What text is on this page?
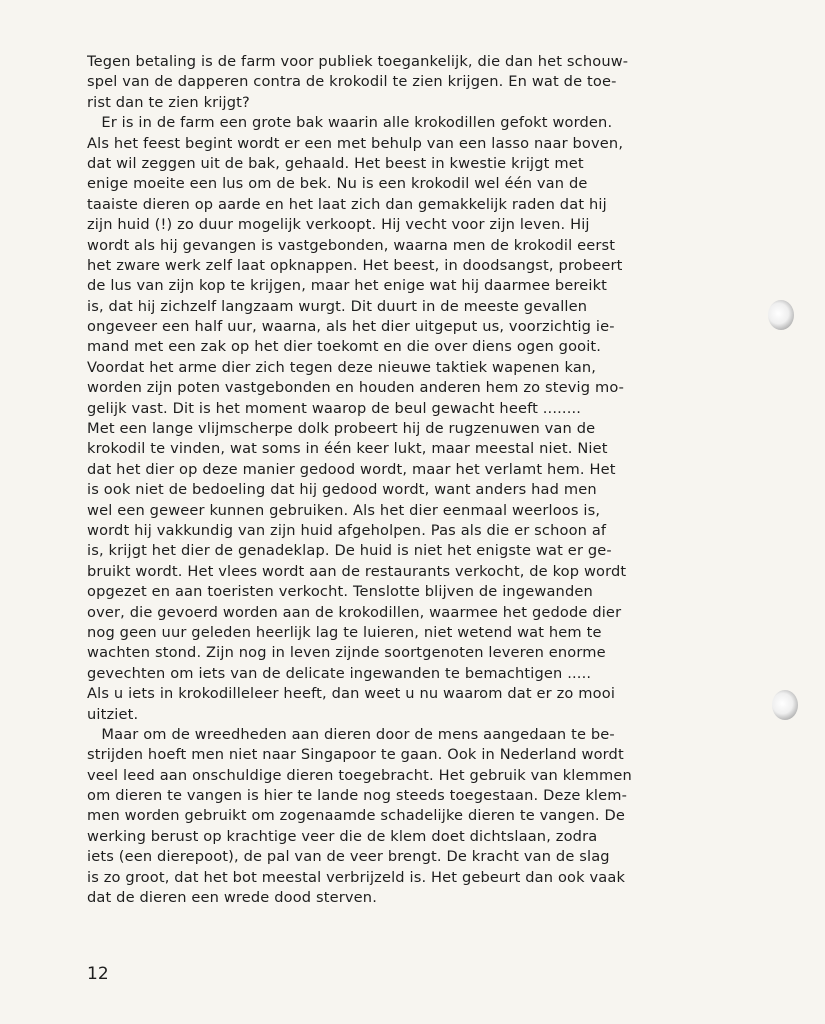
Tegen betaling is de farm voor publiek toegankelijk, die dan het schouw-
spel van de dapperen contra de krokodil te zien krijgen. En wat de toe-
rist dan te zien krijgt?
Er is in de farm een grote bak waarin alle krokodillen gefokt worden.
Als het feest begint wordt er een met behulp van een lasso naar boven,
dat wil zeggen uit de bak, gehaald. Het beest in kwestie krijgt met
enige moeite een lus om de bek. Nu is een krokodil wel één van de
taaiste dieren op aarde en het laat zich dan gemakkelijk raden dat hij
zijn huid (!) zo duur mogelijk verkoopt. Hij vecht voor zijn leven. Hij
wordt als hij gevangen is vastgebonden, waarna men de krokodil eerst
het zware werk zelf laat opknappen. Het beest, in doodsangst, probeert
de lus van zijn kop te krijgen, maar het enige wat hij daarmee bereikt
is, dat hij zichzelf langzaam wurgt. Dit duurt in de meeste gevallen
ongeveer een half uur, waarna, als het dier uitgeput us, voorzichtig ie-
mand met een zak op het dier toekomt en die over diens ogen gooit.
Voordat het arme dier zich tegen deze nieuwe taktiek wapenen kan,
worden zijn poten vastgebonden en houden anderen hem zo stevig mo-
gelijk vast. Dit is het moment waarop de beul gewacht heeft ........
Met een lange vlijmscherpe dolk probeert hij de rugzenuwen van de
krokodil te vinden, wat soms in één keer lukt, maar meestal niet. Niet
dat het dier op deze manier gedood wordt, maar het verlamt hem. Het
is ook niet de bedoeling dat hij gedood wordt, want anders had men
wel een geweer kunnen gebruiken. Als het dier eenmaal weerloos is,
wordt hij vakkundig van zijn huid afgeholpen. Pas als die er schoon af
is, krijgt het dier de genadeklap. De huid is niet het enigste wat er ge-
bruikt wordt. Het vlees wordt aan de restaurants verkocht, de kop wordt
opgezet en aan toeristen verkocht. Tenslotte blijven de ingewanden
over, die gevoerd worden aan de krokodillen, waarmee het gedode dier
nog geen uur geleden heerlijk lag te luieren, niet wetend wat hem te
wachten stond. Zijn nog in leven zijnde soortgenoten leveren enorme
gevechten om iets van de delicate ingewanden te bemachtigen .....
Als u iets in krokodilleleer heeft, dan weet u nu waarom dat er zo mooi
uitziet.
Maar om de wreedheden aan dieren door de mens aangedaan te be-
strijden hoeft men niet naar Singapoor te gaan. Ook in Nederland wordt
veel leed aan onschuldige dieren toegebracht. Het gebruik van klemmen
om dieren te vangen is hier te lande nog steeds toegestaan. Deze klem-
men worden gebruikt om zogenaamde schadelijke dieren te vangen. De
werking berust op krachtige veer die de klem doet dichtslaan, zodra
iets (een dierepoot), de pal van de veer brengt. De kracht van de slag
is zo groot, dat het bot meestal verbrijzeld is. Het gebeurt dan ook vaak
dat de dieren een wrede dood sterven.
12
